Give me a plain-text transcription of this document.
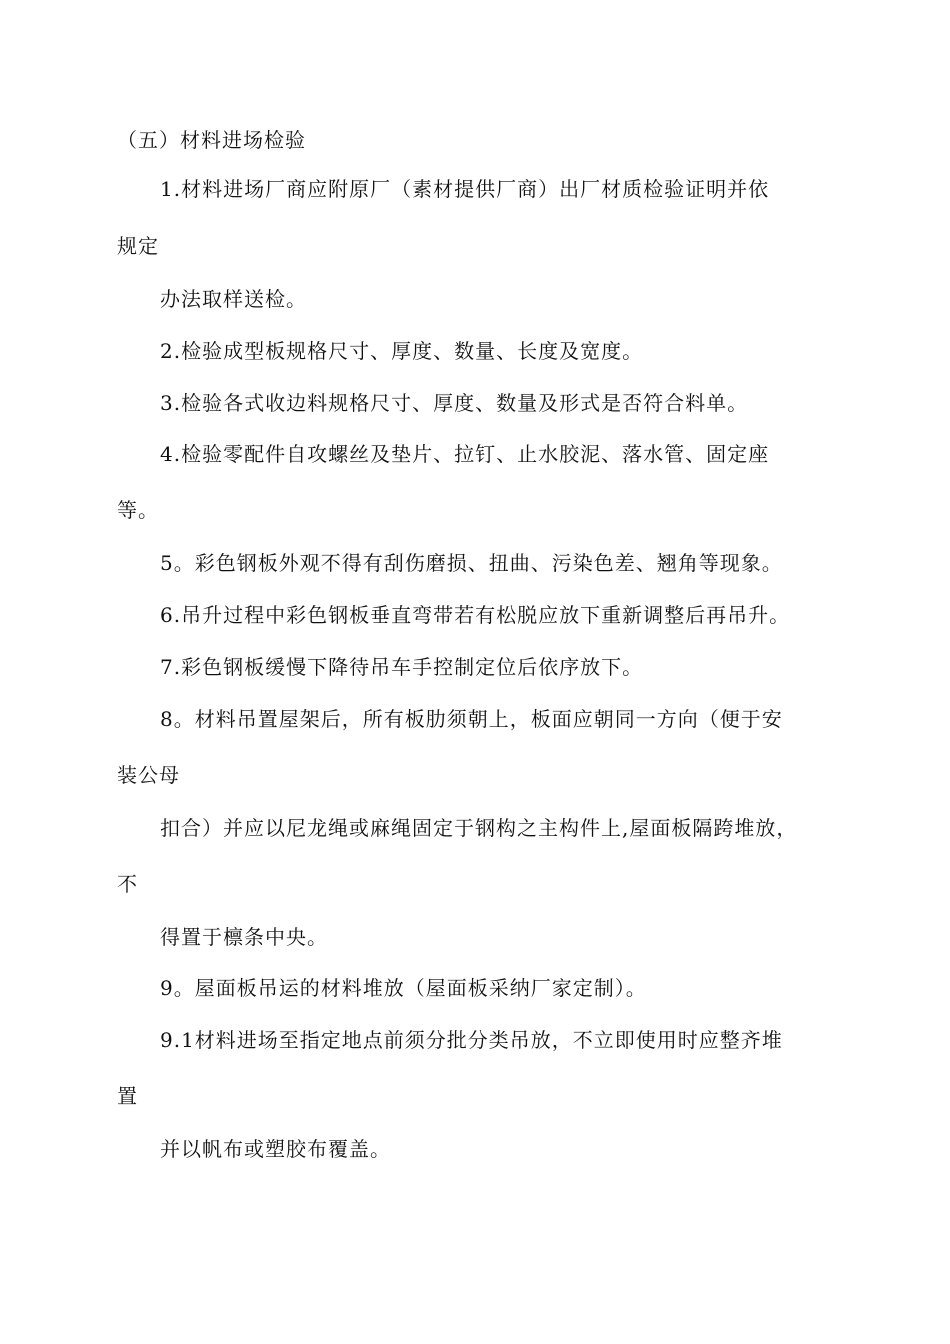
（五）材料进场检验
1.材料进场厂商应附原厂（素材提供厂商）出厂材质检验证明并依
规定
办法取样送检。
2.检验成型板规格尺寸、厚度、数量、长度及宽度。
3.检验各式收边料规格尺寸、厚度、数量及形式是否符合料单。
4.检验零配件自攻螺丝及垫片、拉钉、止水胶泥、落水管、固定座
等。
5。彩色钢板外观不得有刮伤磨损、扭曲、污染色差、翘角等现象。
6.吊升过程中彩色钢板垂直弯带若有松脱应放下重新调整后再吊升。
7.彩色钢板缓慢下降待吊车手控制定位后依序放下。
8。材料吊置屋架后，所有板肋须朝上，板面应朝同一方向（便于安
装公母
扣合）并应以尼龙绳或麻绳固定于钢构之主构件上,屋面板隔跨堆放，
不
得置于檩条中央。
9。屋面板吊运的材料堆放（屋面板采纳厂家定制）。
9.1材料进场至指定地点前须分批分类吊放，不立即使用时应整齐堆
置
并以帆布或塑胶布覆盖。
